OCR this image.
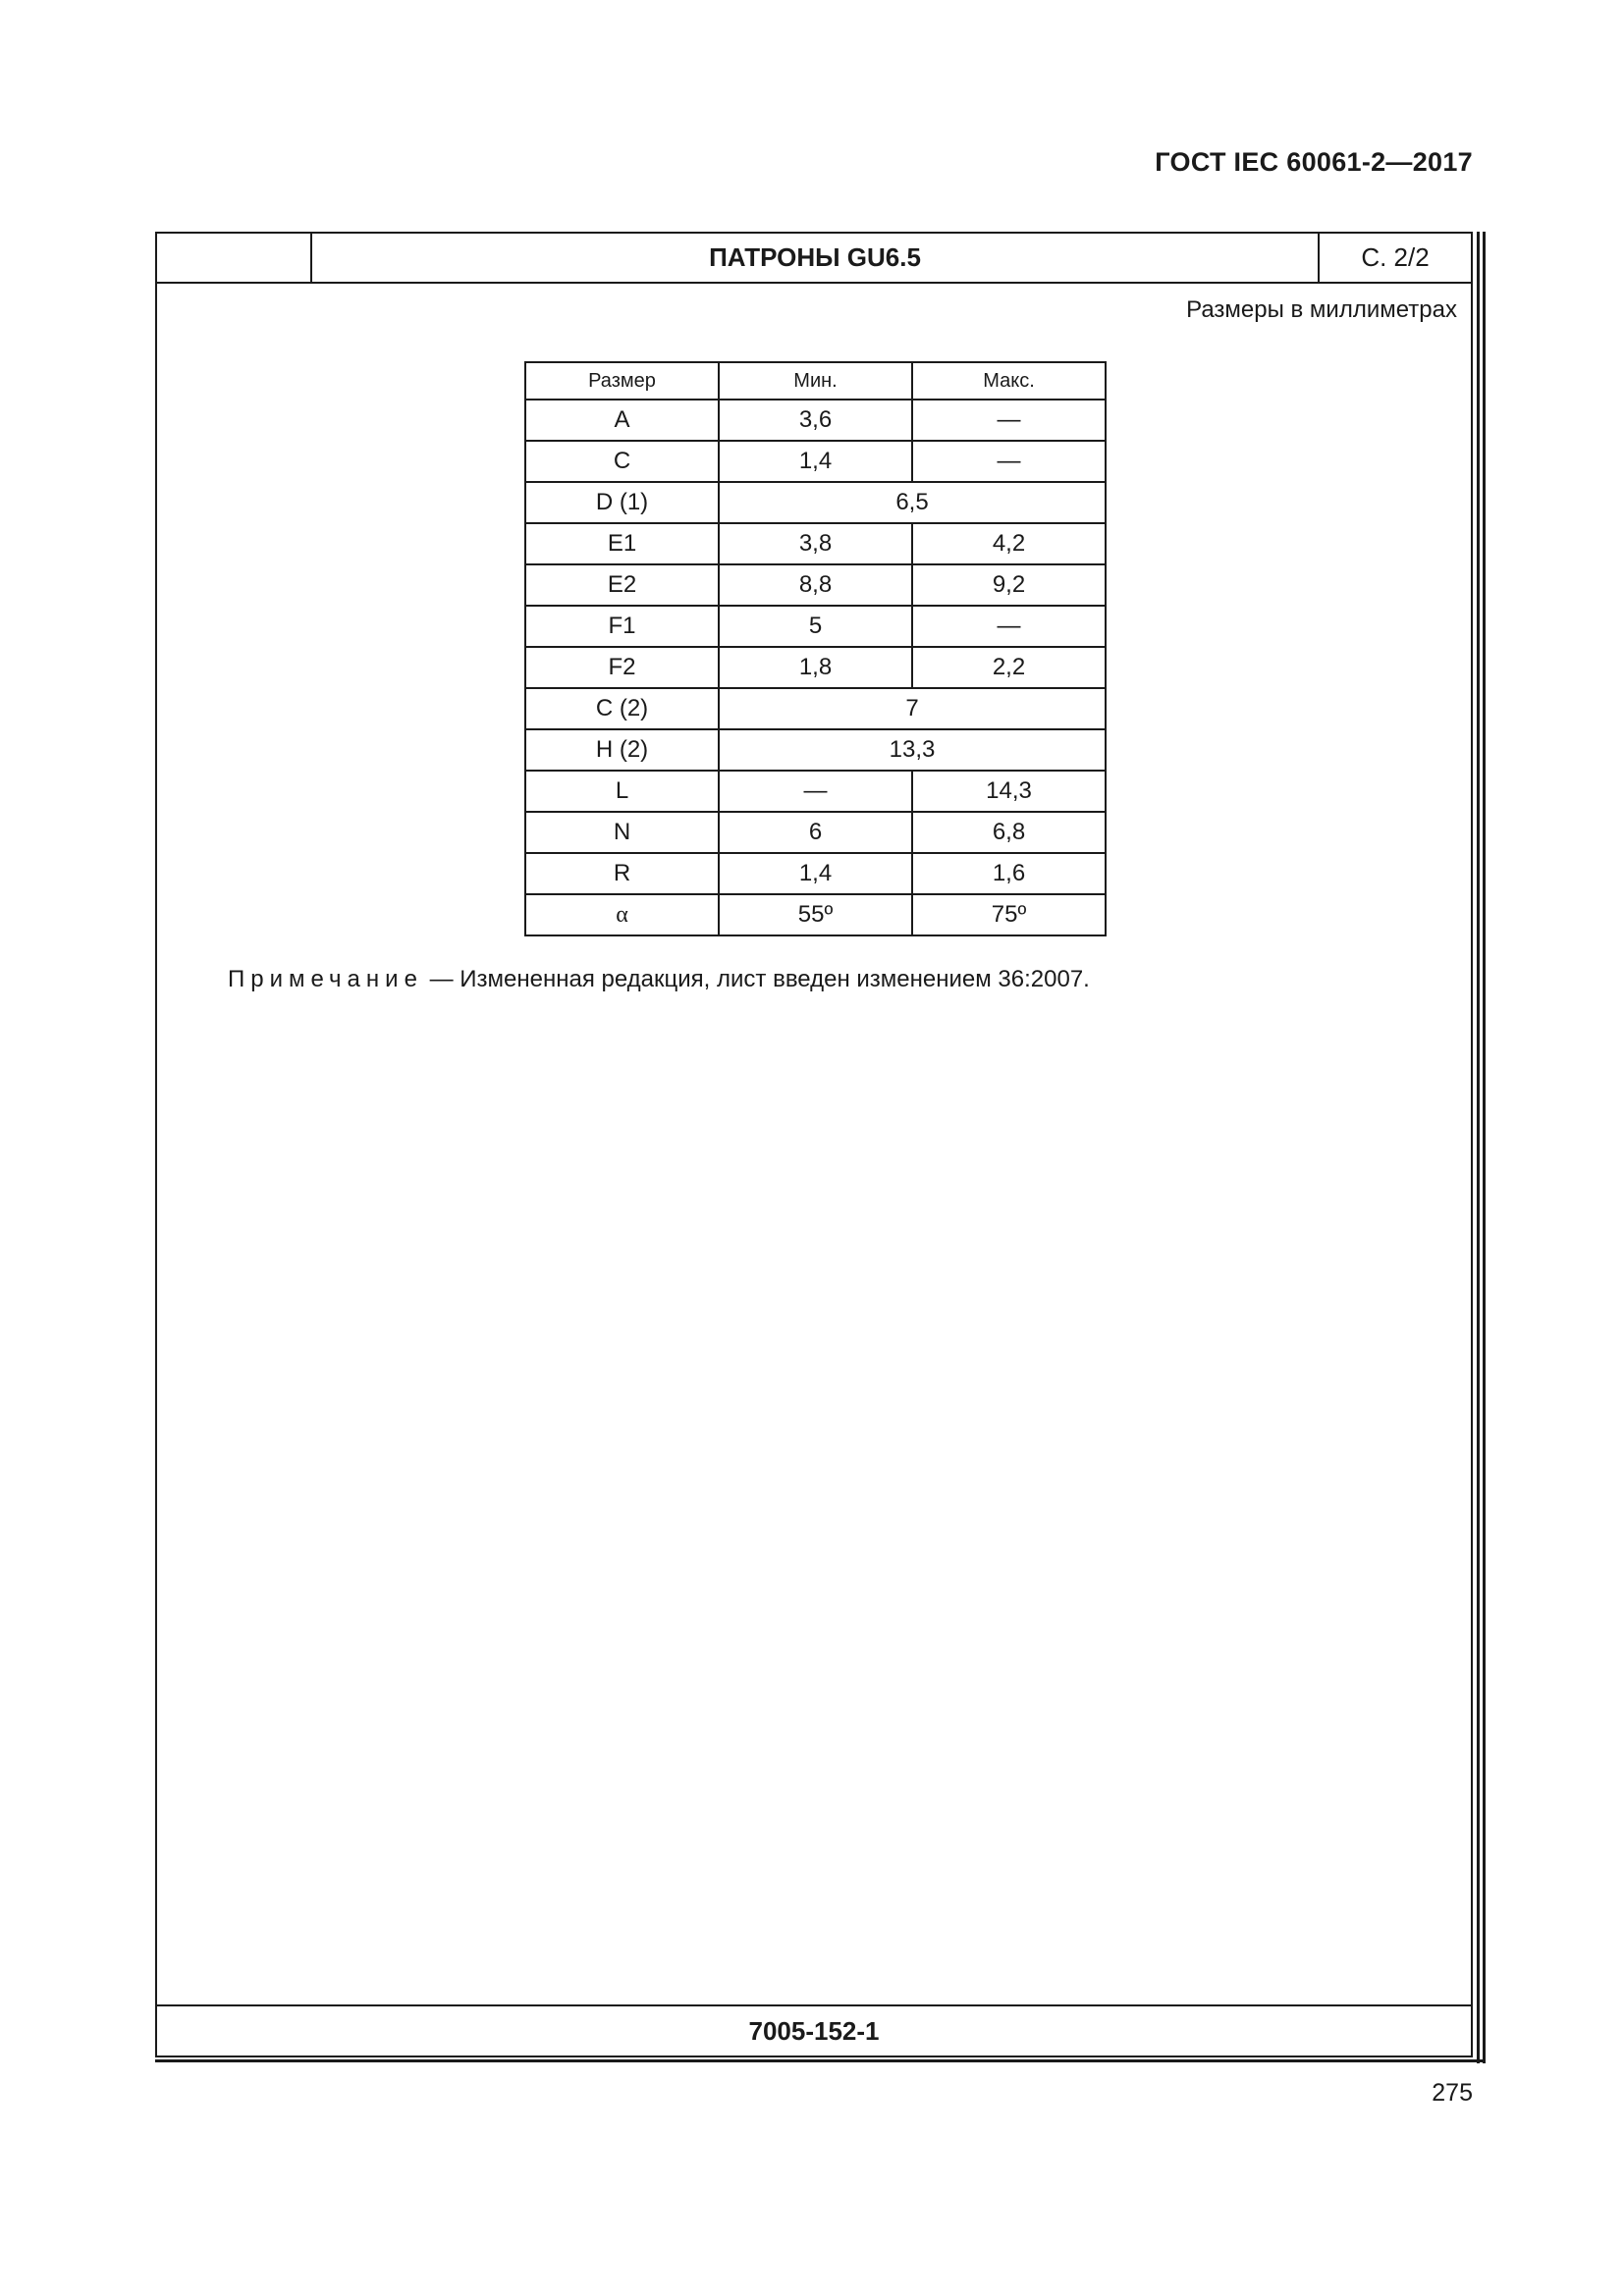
ГОСТ IEC 60061-2—2017
ПАТРОНЫ GU6.5	С. 2/2
Размеры в миллиметрах
Размер	Мин.	Макс.
A	3,6	—
C	1,4	—
D (1)	6,5	
E1	3,8	4,2
E2	8,8	9,2
F1	5	—
F2	1,8	2,2
C (2)	7	
H (2)	13,3	
L	—	14,3
N	6	6,8
R	1,4	1,6
α	55º	75º
Примечание — Измененная редакция, лист введен изменением 36:2007.
7005-152-1
275
